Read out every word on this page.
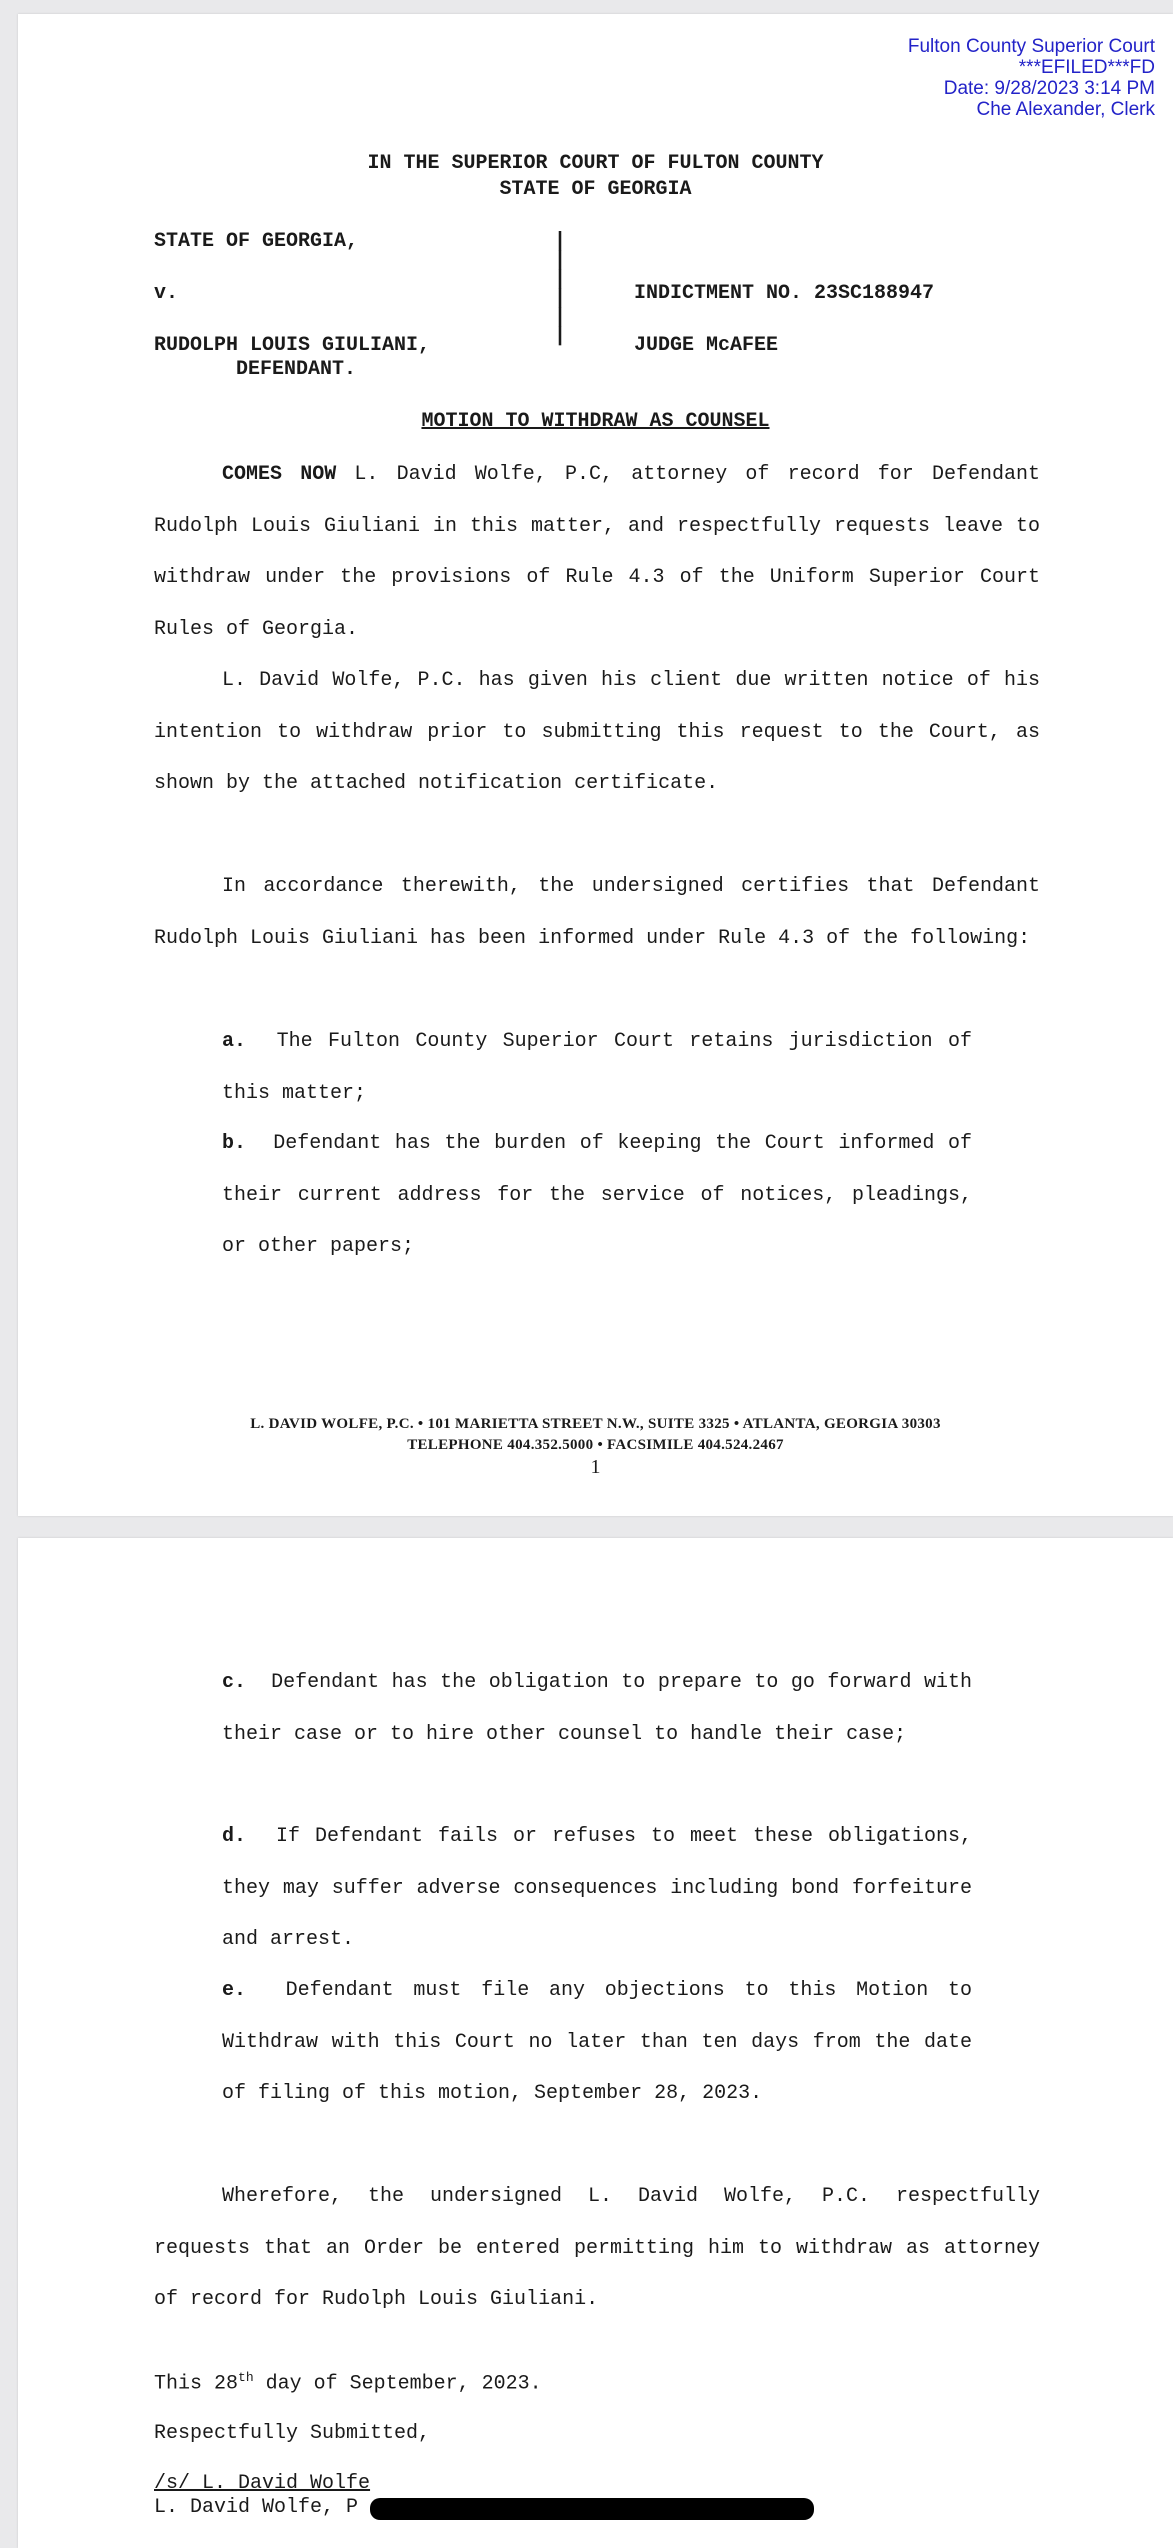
Fulton County Superior Court
***EFILED***FD
Date: 9/28/2023 3:14 PM
Che Alexander, Clerk
IN THE SUPERIOR COURT OF FULTON COUNTY
STATE OF GEORGIA
STATE OF GEORGIA,
v.
RUDOLPH LOUIS GIULIANI,
DEFENDANT.
INDICTMENT NO. 23SC188947
JUDGE McAFEE
|
|
|
|
|
|
MOTION TO WITHDRAW AS COUNSEL
COMES NOW L. David Wolfe, P.C, attorney of record for Defendant Rudolph Louis Giuliani in this matter, and respectfully requests leave to withdraw under the provisions of Rule 4.3 of the Uniform Superior Court Rules of Georgia.
L. David Wolfe, P.C. has given his client due written notice of his intention to withdraw prior to submitting this request to the Court, as shown by the attached notification certificate.
In accordance therewith, the undersigned certifies that Defendant Rudolph Louis Giuliani has been informed under Rule 4.3 of the following:
a. The Fulton County Superior Court retains jurisdiction of this matter;
b. Defendant has the burden of keeping the Court informed of their current address for the service of notices, pleadings, or other papers;
L. DAVID WOLFE, P.C. • 101 MARIETTA STREET N.W., SUITE 3325 • ATLANTA, GEORGIA 30303
TELEPHONE 404.352.5000 • FACSIMILE 404.524.2467
1
c. Defendant has the obligation to prepare to go forward with their case or to hire other counsel to handle their case;
d. If Defendant fails or refuses to meet these obligations, they may suffer adverse consequences including bond forfeiture and arrest.
e. Defendant must file any objections to this Motion to Withdraw with this Court no later than ten days from the date of filing of this motion, September 28, 2023.
Wherefore, the undersigned L. David Wolfe, P.C. respectfully requests that an Order be entered permitting him to withdraw as attorney of record for Rudolph Louis Giuliani.
This 28th day of September, 2023.
Respectfully Submitted,
/s/ L. David Wolfe
L. David Wolfe, P
